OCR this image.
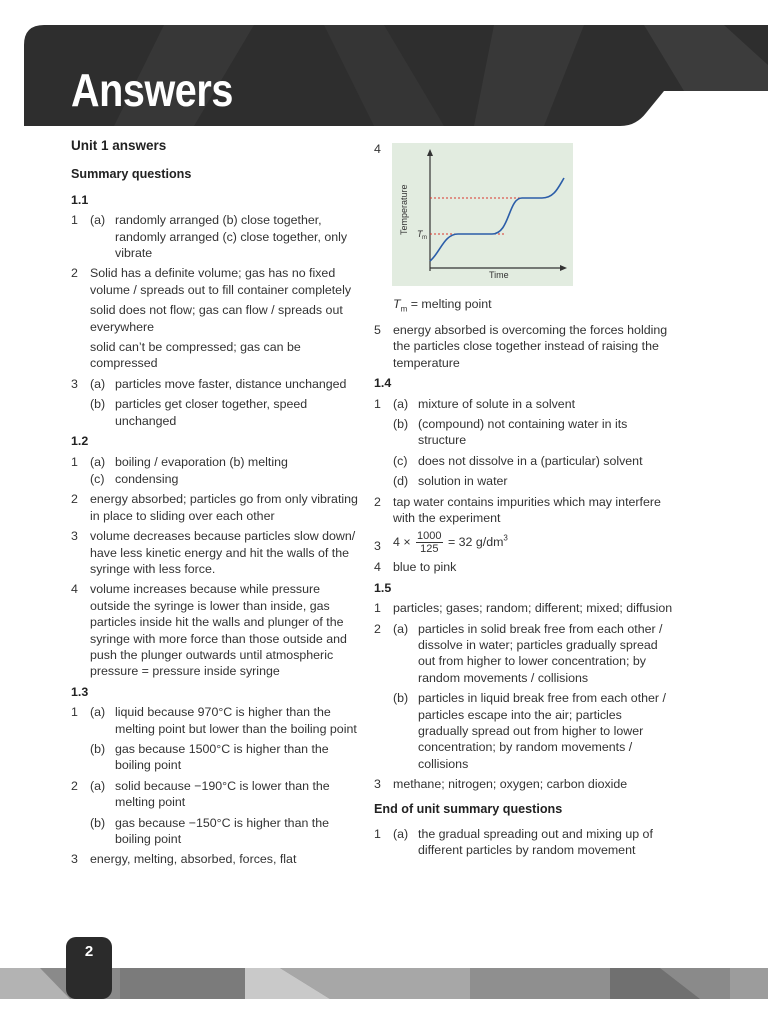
Answers
Unit 1 answers
Summary questions
1.1
1 (a) randomly arranged (b) close together, randomly arranged (c) close together, only vibrate
2 Solid has a definite volume; gas has no fixed volume / spreads out to fill container completely
solid does not flow; gas can flow / spreads out everywhere
solid can’t be compressed; gas can be compressed
3 (a) particles move faster, distance unchanged
(b) particles get closer together, speed unchanged
1.2
1 (a) boiling / evaporation (b) melting
(c) condensing
2 energy absorbed; particles go from only vibrating in place to sliding over each other
3 volume decreases because particles slow down/ have less kinetic energy and hit the walls of the syringe with less force.
4 volume increases because while pressure outside the syringe is lower than inside, gas particles inside hit the walls and plunger of the syringe with more force than those outside and push the plunger outwards until atmospheric pressure = pressure inside syringe
1.3
1 (a) liquid because 970°C is higher than the melting point but lower than the boiling point
(b) gas because 1500°C is higher than the boiling point
2 (a) solid because −190°C is lower than the melting point
(b) gas because −150°C is higher than the boiling point
3 energy, melting, absorbed, forces, flat
4
Temperature
Time
T m
$T_m$ = melting point
5 energy absorbed is overcoming the forces holding the particles close together instead of raising the temperature
1.4
1 (a) mixture of solute in a solvent
(b) (compound) not containing water in its structure
(c) does not dissolve in a (particular) solvent
(d) solution in water
2 tap water contains impurities which may interfere with the experiment
3 $4 \times \frac{1000}{125} = 32$ $g/dm^3$
4 blue to pink
1.5
1 particles; gases; random; different; mixed; diffusion
2 (a) particles in solid break free from each other / dissolve in water; particles gradually spread out from higher to lower concentration; by random movements / collisions
(b) particles in liquid break free from each other / particles escape into the air; particles gradually spread out from higher to lower concentration; by random movements / collisions
3 methane; nitrogen; oxygen; carbon dioxide
End of unit summary questions
1 (a) the gradual spreading out and mixing up of different particles by random movement
2
